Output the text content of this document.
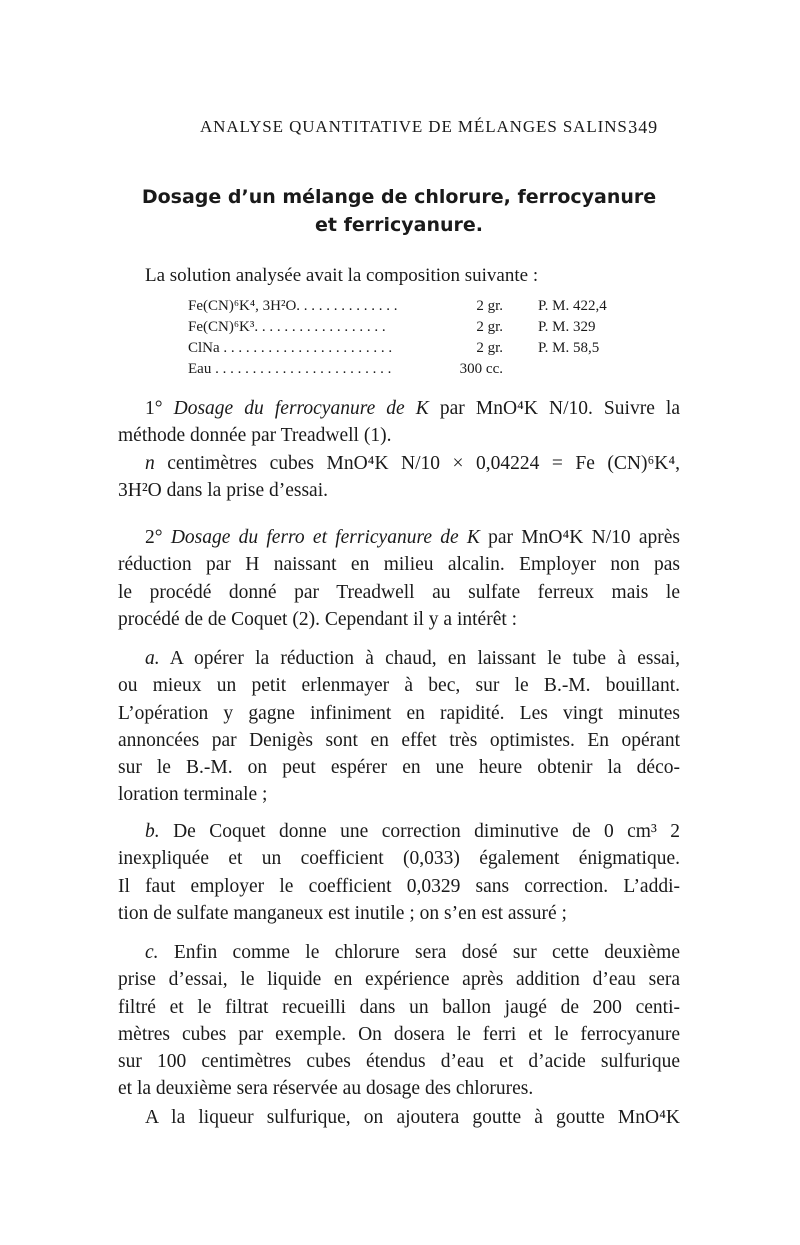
ANALYSE QUANTITATIVE DE MÉLANGES SALINS.
349
Dosage d’un mélange de chlorure, ferrocyanure
et ferricyanure.
La solution analysée avait la composition suivante :
Fe(CN)⁶K⁴, 3H²O. . . . . . . . . . . . . .	2 gr. P. M. 422,4
Fe(CN)⁶K³. . . . . . . . . . . . . . . . . .	2 gr. P. M. 329
ClNa . . . . . . . . . . . . . . . . . . . . . . .	2 gr. P. M. 58,5
Eau . . . . . . . . . . . . . . . . . . . . . . . .	300 cc.
1° Dosage du ferrocyanure de K par MnO⁴K N/10. Suivre la
méthode donnée par Treadwell (1).
n centimètres cubes MnO⁴K N/10 × 0,04224 = Fe (CN)⁶K⁴,
3H²O dans la prise d’essai.
2° Dosage du ferro et ferricyanure de K par MnO⁴K N/10 après
réduction par H naissant en milieu alcalin. Employer non pas
le procédé donné par Treadwell au sulfate ferreux mais le
procédé de de Coquet (2). Cependant il y a intérêt :
a. A opérer la réduction à chaud, en laissant le tube à essai,
ou mieux un petit erlenmayer à bec, sur le B.-M. bouillant.
L’opération y gagne infiniment en rapidité. Les vingt minutes
annoncées par Denigès sont en effet très optimistes. En opérant
sur le B.-M. on peut espérer en une heure obtenir la déco-
loration terminale ;
b. De Coquet donne une correction diminutive de 0 cm³ 2
inexpliquée et un coefficient (0,033) également énigmatique.
Il faut employer le coefficient 0,0329 sans correction. L’addi-
tion de sulfate manganeux est inutile ; on s’en est assuré ;
c. Enfin comme le chlorure sera dosé sur cette deuxième
prise d’essai, le liquide en expérience après addition d’eau sera
filtré et le filtrat recueilli dans un ballon jaugé de 200 centi-
mètres cubes par exemple. On dosera le ferri et le ferrocyanure
sur 100 centimètres cubes étendus d’eau et d’acide sulfurique
et la deuxième sera réservée au dosage des chlorures.
A la liqueur sulfurique, on ajoutera goutte à goutte MnO⁴K
